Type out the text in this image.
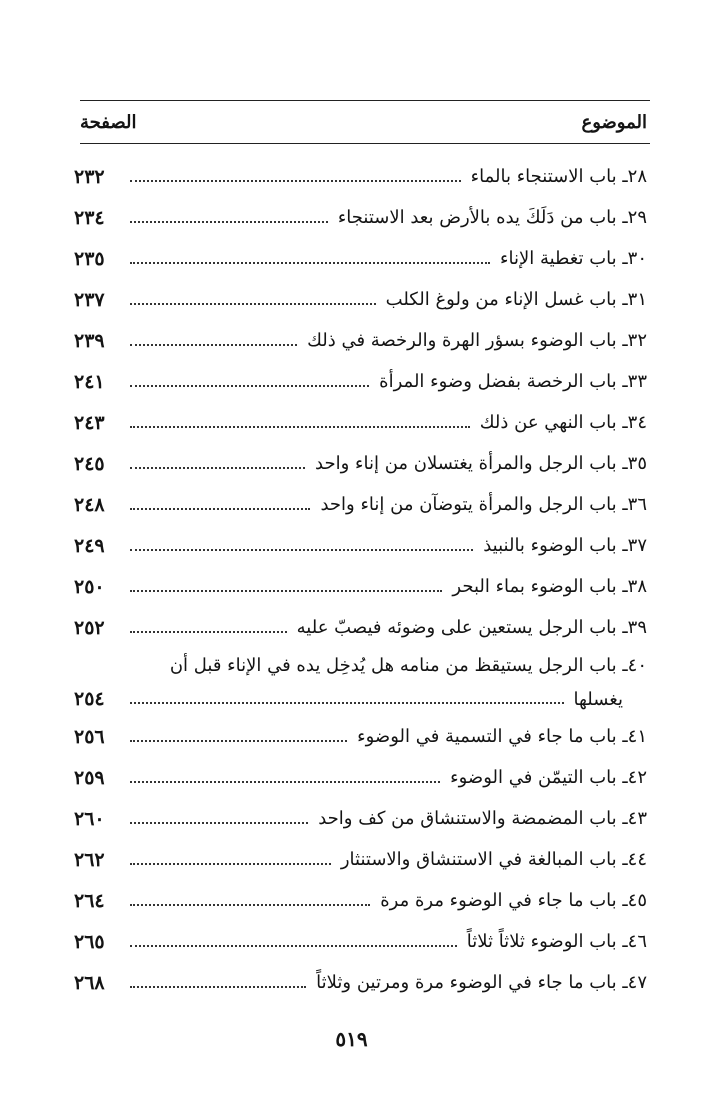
الموضوع
الصفحة
٢٨ـ باب الاستنجاء بالماء
٢٣٢
٢٩ـ باب من دَلَكَ يده بالأرض بعد الاستنجاء
٢٣٤
٣٠ـ باب تغطية الإناء
٢٣٥
٣١ـ باب غسل الإناء من ولوغ الكلب
٢٣٧
٣٢ـ باب الوضوء بسؤر الهرة والرخصة في ذلك
٢٣٩
٣٣ـ باب الرخصة بفضل وضوء المرأة
٢٤١
٣٤ـ باب النهي عن ذلك
٢٤٣
٣٥ـ باب الرجل والمرأة يغتسلان من إناء واحد
٢٤٥
٣٦ـ باب الرجل والمرأة يتوضآن من إناء واحد
٢٤٨
٣٧ـ باب الوضوء بالنبيذ
٢٤٩
٣٨ـ باب الوضوء بماء البحر
٢٥٠
٣٩ـ باب الرجل يستعين على وضوئه فيصبّ عليه
٢٥٢
٤٠ـ باب الرجل يستيقظ من منامه هل يُدخِل يده في الإناء قبل أن
يغسلها
٢٥٤
٤١ـ باب ما جاء في التسمية في الوضوء
٢٥٦
٤٢ـ باب التيمّن في الوضوء
٢٥٩
٤٣ـ باب المضمضة والاستنشاق من كف واحد
٢٦٠
٤٤ـ باب المبالغة في الاستنشاق والاستنثار
٢٦٢
٤٥ـ باب ما جاء في الوضوء مرة مرة
٢٦٤
٤٦ـ باب الوضوء ثلاثاً ثلاثاً
٢٦٥
٤٧ـ باب ما جاء في الوضوء مرة ومرتين وثلاثاً
٢٦٨
٥١٩
